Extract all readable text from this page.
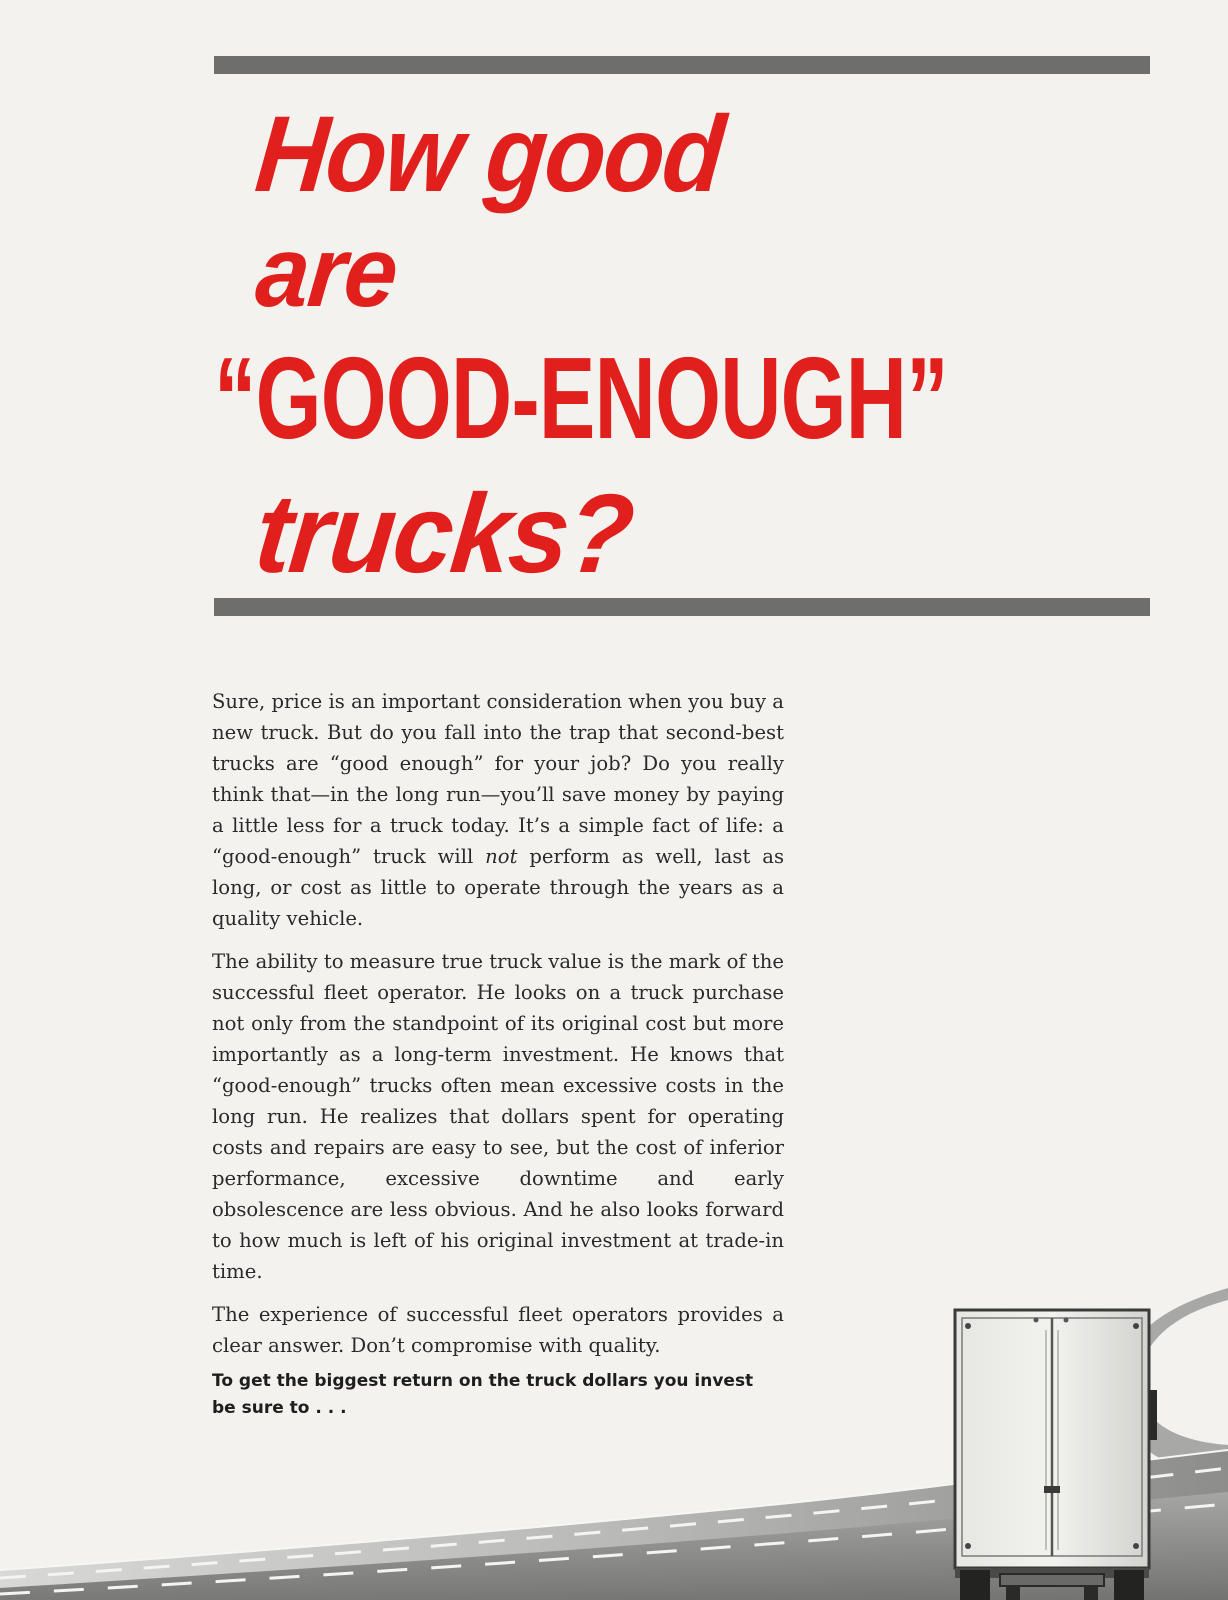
How good
are
“GOOD-ENOUGH”
trucks?

Sure, price is an important consideration when you buy a new truck. But do you fall into the trap that second-best trucks are “good enough” for your job? Do you really think that—in the long run—you’ll save money by paying a little less for a truck today. It’s a simple fact of life: a “good-enough” truck will not perform as well, last as long, or cost as little to operate through the years as a quality vehicle.

The ability to measure true truck value is the mark of the successful fleet operator. He looks on a truck purchase not only from the standpoint of its original cost but more importantly as a long-term investment. He knows that “good-enough” trucks often mean excessive costs in the long run. He realizes that dollars spent for operating costs and repairs are easy to see, but the cost of inferior performance, excessive downtime and early obsolescence are less obvious. And he also looks forward to how much is left of his original investment at trade-in time.

The experience of successful fleet operators provides a clear answer. Don’t compromise with quality.

To get the biggest return on the truck dollars you invest
be sure to . . .
